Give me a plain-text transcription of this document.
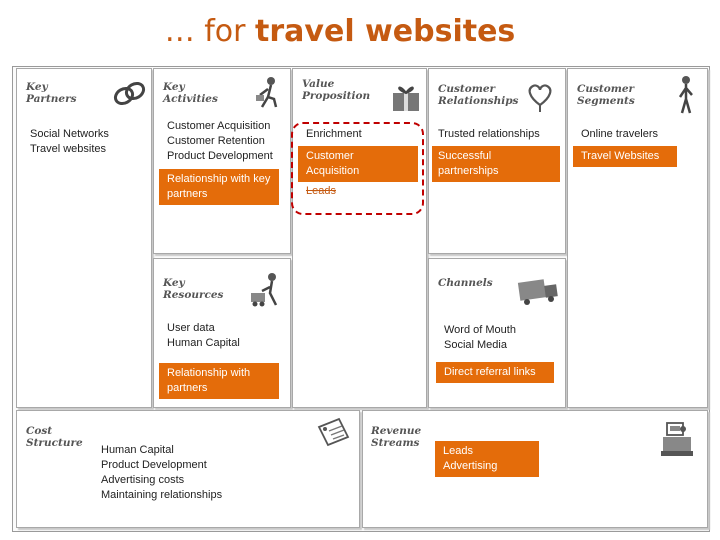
… for travel websites
Key
Partners
Social Networks
Travel websites
Key
Activities
Customer Acquisition
Customer Retention
Product Development
Relationship with key
partners
Key
Resources
User data
Human Capital
Relationship with
partners
Value
Proposition
Enrichment
Customer
Acquisition
Leads
Customer
Relationships
Trusted relationships
Successful partnerships
Channels
Word of Mouth
Social Media
Direct referral links
Customer
Segments
Online travelers
Travel Websites
Cost
Structure
Human Capital
Product Development
Advertising costs
Maintaining relationships
Revenue
Streams
Leads
Advertising
